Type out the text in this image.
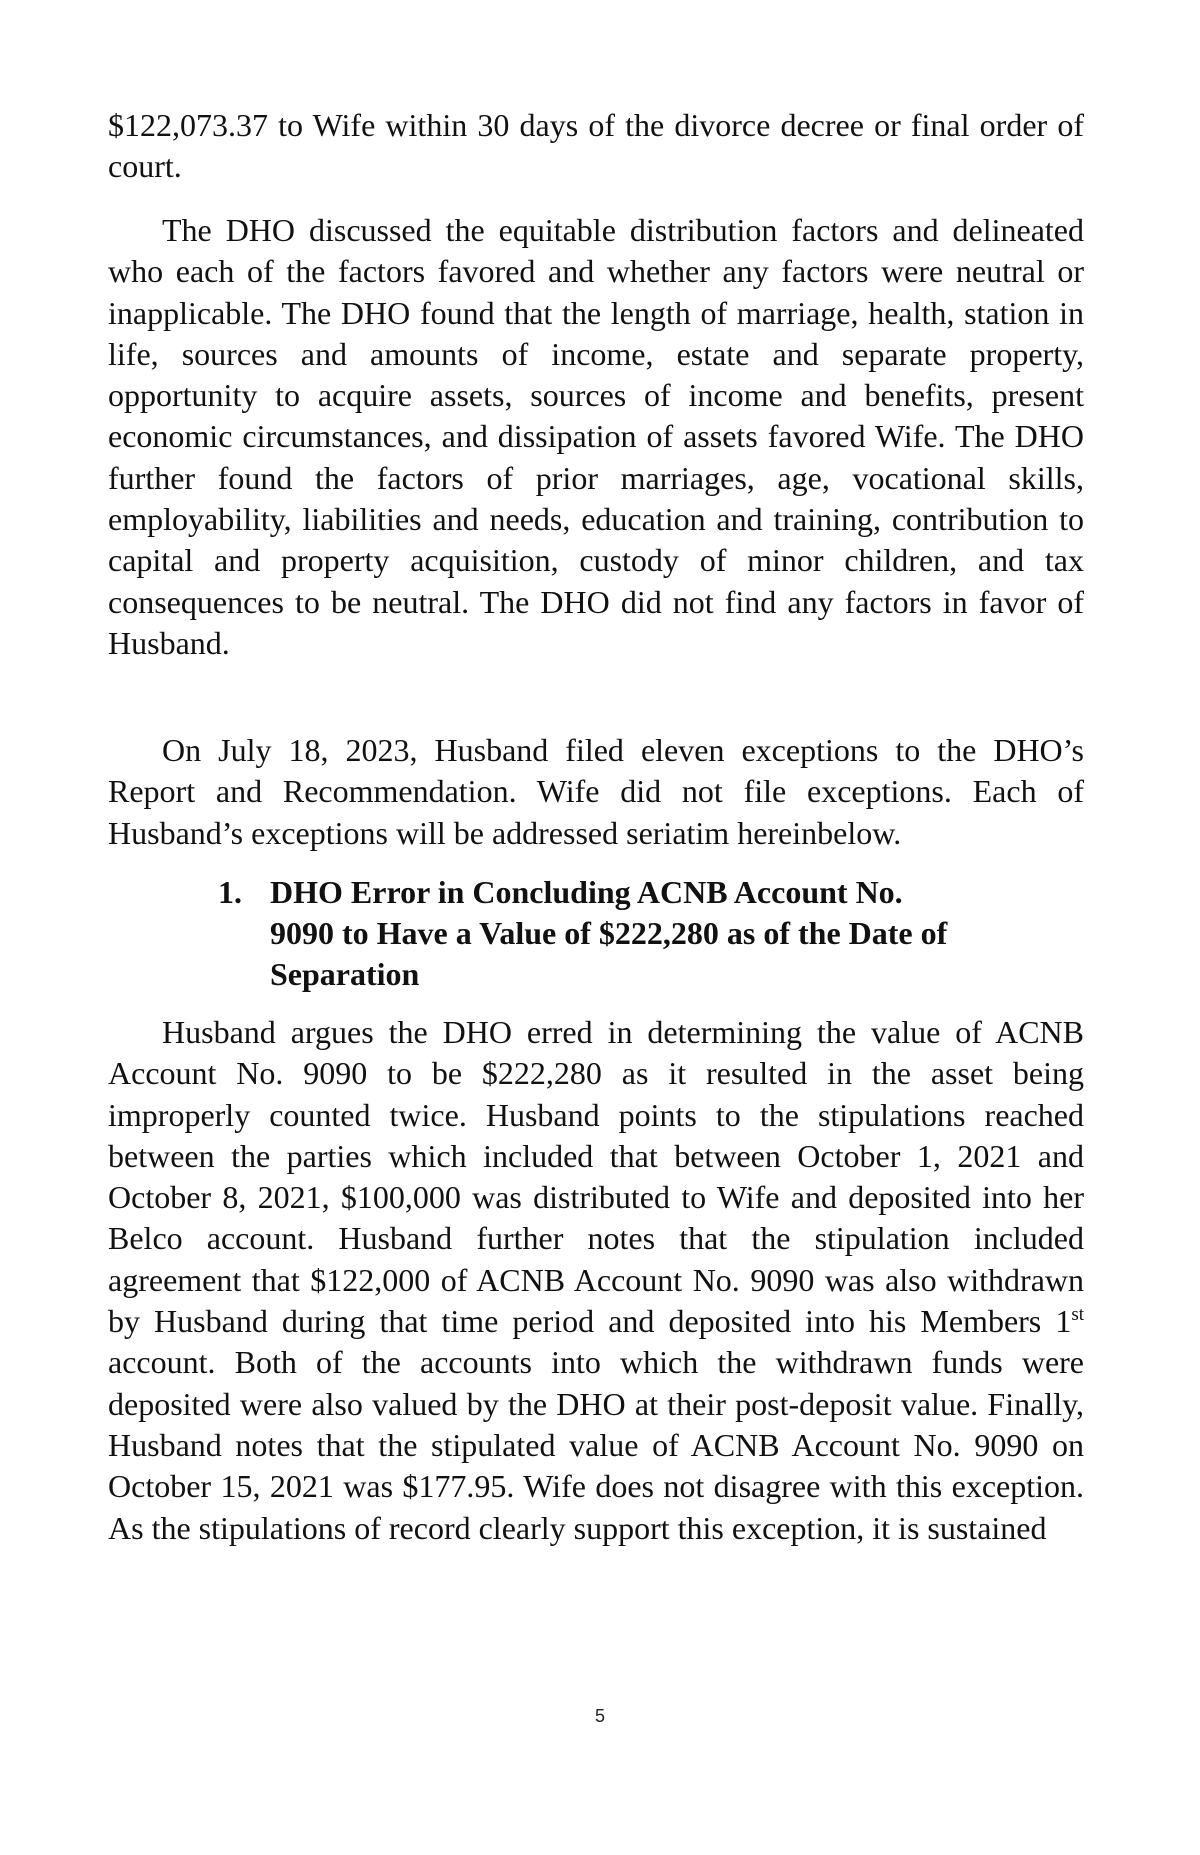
$122,073.37 to Wife within 30 days of the divorce decree or final order of court.

The DHO discussed the equitable distribution factors and delineated who each of the factors favored and whether any factors were neutral or inapplicable. The DHO found that the length of marriage, health, station in life, sources and amounts of income, estate and separate property, opportunity to acquire assets, sources of income and benefits, present economic circumstances, and dissipation of assets favored Wife. The DHO further found the factors of prior marriages, age, vocational skills, employability, liabilities and needs, education and training, contribution to capital and property acquisition, custody of minor children, and tax consequences to be neutral. The DHO did not find any factors in favor of Husband.

On July 18, 2023, Husband filed eleven exceptions to the DHO’s Report and Recommendation. Wife did not file exceptions. Each of Husband’s exceptions will be addressed seriatim hereinbelow.

1. DHO Error in Concluding ACNB Account No. 9090 to Have a Value of $222,280 as of the Date of Separation

Husband argues the DHO erred in determining the value of ACNB Account No. 9090 to be $222,280 as it resulted in the asset being improperly counted twice. Husband points to the stipulations reached between the parties which included that between October 1, 2021 and October 8, 2021, $100,000 was distributed to Wife and deposited into her Belco account. Husband further notes that the stipulation included agreement that $122,000 of ACNB Account No. 9090 was also withdrawn by Husband during that time period and deposited into his Members 1st account. Both of the accounts into which the withdrawn funds were deposited were also valued by the DHO at their post-deposit value. Finally, Husband notes that the stipulated value of ACNB Account No. 9090 on October 15, 2021 was $177.95. Wife does not disagree with this exception. As the stipulations of record clearly support this exception, it is sustained

5
